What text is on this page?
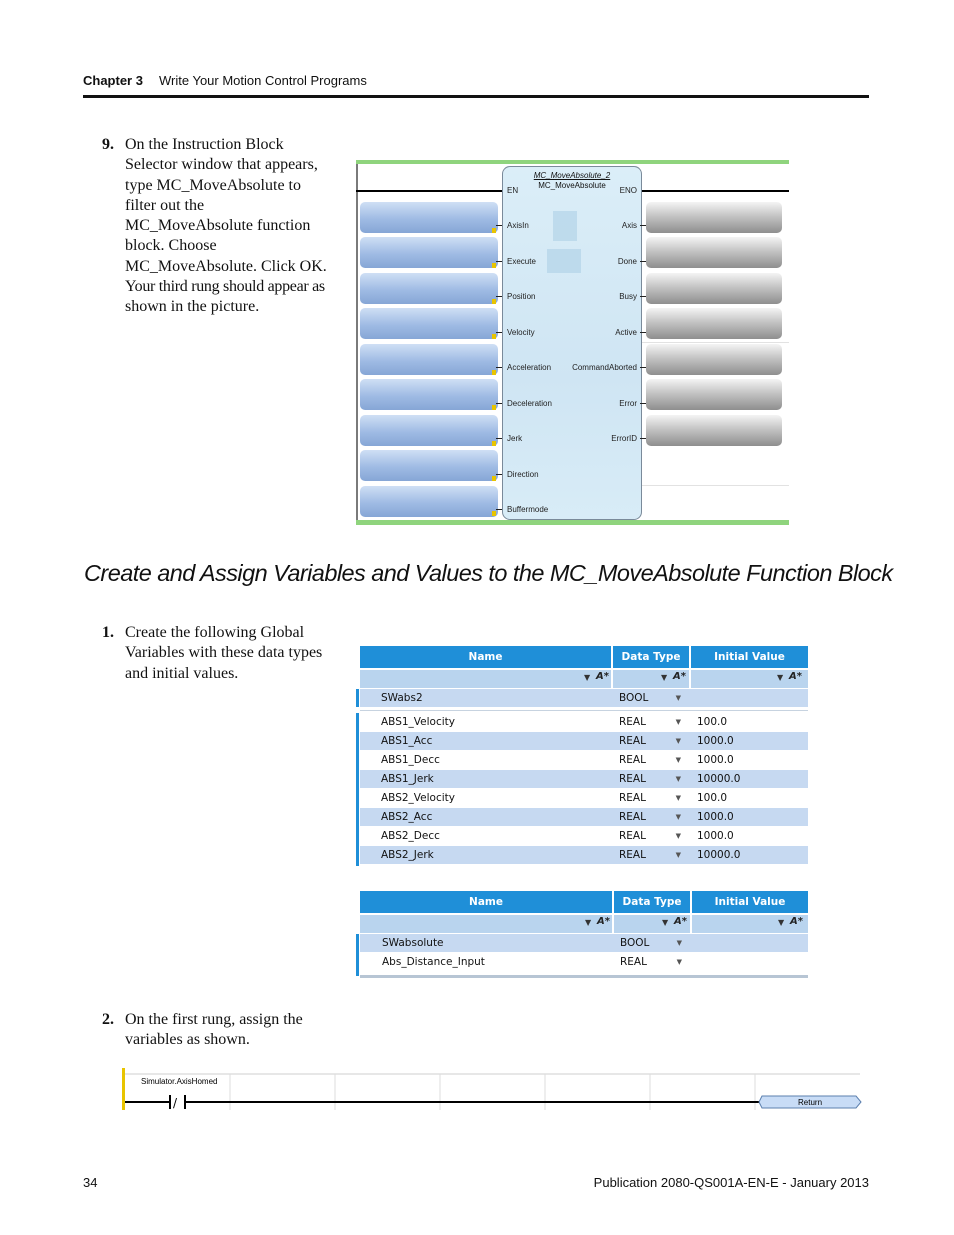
Chapter 3 Write Your Motion Control Programs
9. On the Instruction Block
Selector window that appears,
type MC_MoveAbsolute to
filter out the
MC_MoveAbsolute function
block. Choose
MC_MoveAbsolute. Click OK.
Your third rung should appear as
shown in the picture.
MC_MoveAbsolute_2
MC_MoveAbsolute
EN
AxisIn
Execute
Position
Velocity
Acceleration
Deceleration
Jerk
Direction
Buffermode
ENO
Axis
Done
Busy
Active
CommandAborted
Error
ErrorID
Create and Assign Variables and Values to the MC_MoveAbsolute Function Block
1. Create the following Global
Variables with these data types
and initial values.
Name	Data Type	Initial Value
▼ A*	▼ A*	▼ A*
SWabs2	BOOL	▼
ABS1_Velocity	REAL	▼	100.0
ABS1_Acc	REAL	▼	1000.0
ABS1_Decc	REAL	▼	1000.0
ABS1_Jerk	REAL	▼	10000.0
ABS2_Velocity	REAL	▼	100.0
ABS2_Acc	REAL	▼	1000.0
ABS2_Decc	REAL	▼	1000.0
ABS2_Jerk	REAL	▼	10000.0
Name	Data Type	Initial Value
▼ A*	▼ A*	▼ A*
SWabsolute	BOOL	▼
Abs_Distance_Input	REAL	▼
2. On the first rung, assign the
variables as shown.
/
Simulator.AxisHomed
Return
34	Publication 2080-QS001A-EN-E - January 2013
